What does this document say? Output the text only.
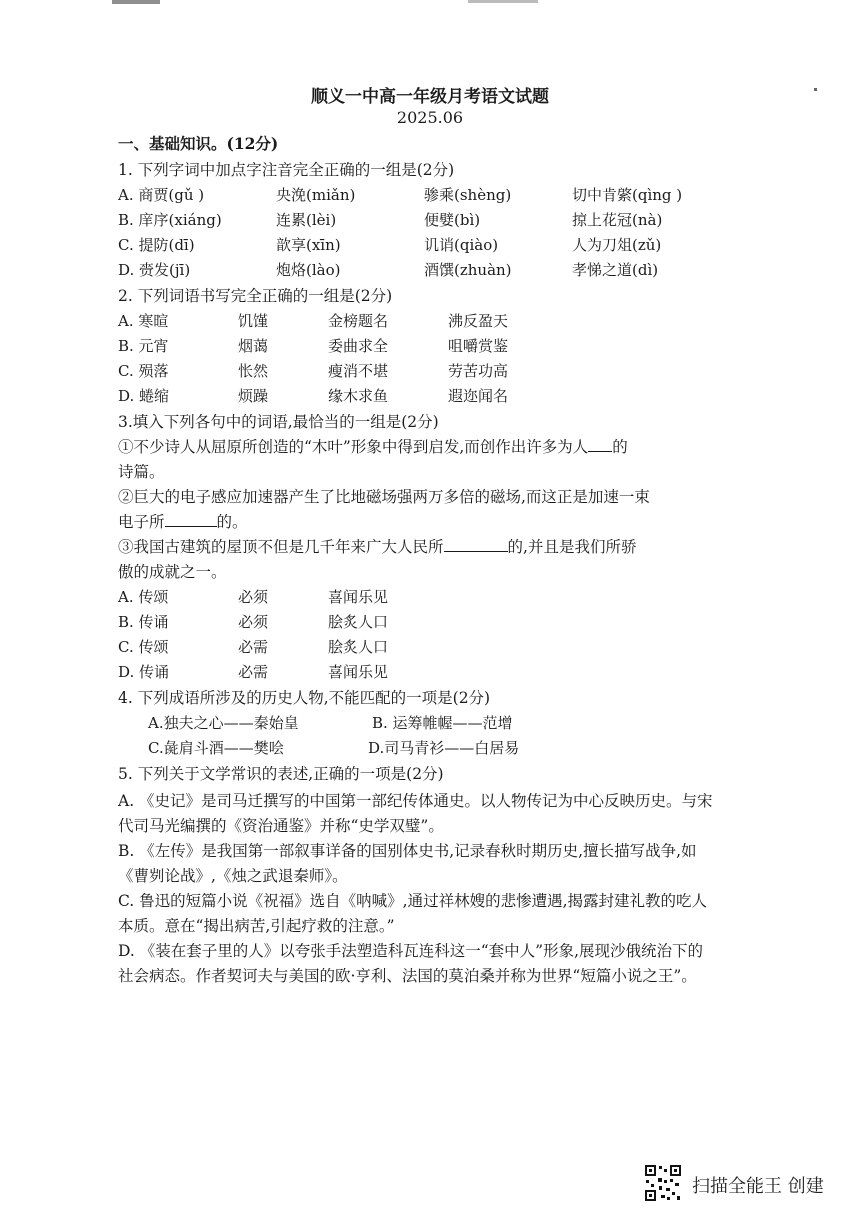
顺义一中高一年级月考语文试题
2025.06
一、基础知识。(12分)
1. 下列字词中加点字注音完全正确的一组是(2分)
A. 商贾(gǔ )	央浼(miǎn)	骖乘(shèng)	切中肯綮(qìng )
B. 庠序(xiáng)	连累(lèi)	便嬖(bì)	掠上花冠(nà)
C. 提防(dī)	歆享(xīn)	讥诮(qiào)	人为刀俎(zǔ)
D. 赍发(jī)	炮烙(lào)	酒馔(zhuàn)	孝悌之道(dì)
2. 下列词语书写完全正确的一组是(2分)
A. 寒暄	饥馑	金榜题名	沸反盈天
B. 元宵	烟蔼	委曲求全	咀嚼赏鉴
C. 殒落	怅然	瘦消不堪	劳苦功高
D. 蜷缩	烦躁	缘木求鱼	遐迩闻名
3.填入下列各句中的词语,最恰当的一组是(2分)
①不少诗人从屈原所创造的“木叶”形象中得到启发,而创作出许多为人 的
诗篇。
②巨大的电子感应加速器产生了比地磁场强两万多倍的磁场,而这正是加速一束
电子所	的。
③我国古建筑的屋顶不但是几千年来广大人民所	的,并且是我们所骄
傲的成就之一。
A. 传颂	必须	喜闻乐见
B. 传诵	必须	脍炙人口
C. 传颂	必需	脍炙人口
D. 传诵	必需	喜闻乐见
4. 下列成语所涉及的历史人物,不能匹配的一项是(2分)
A.独夫之心——秦始皇	B. 运筹帷幄——范增
C.彘肩斗酒——樊哙	D.司马青衫——白居易
5. 下列关于文学常识的表述,正确的一项是(2分)
A. 《史记》是司马迁撰写的中国第一部纪传体通史。以人物传记为中心反映历史。与宋代司马光编撰的《资治通鉴》并称“史学双璧”。
B. 《左传》是我国第一部叙事详备的国别体史书,记录春秋时期历史,擅长描写战争,如《曹刿论战》,《烛之武退秦师》。
C. 鲁迅的短篇小说《祝福》选自《呐喊》,通过祥林嫂的悲惨遭遇,揭露封建礼教的吃人本质。意在“揭出病苦,引起疗救的注意。”
D. 《装在套子里的人》以夸张手法塑造科瓦连科这一“套中人”形象,展现沙俄统治下的社会病态。作者契诃夫与美国的欧·亨利、法国的莫泊桑并称为世界“短篇小说之王”。
扫描全能王 创建
